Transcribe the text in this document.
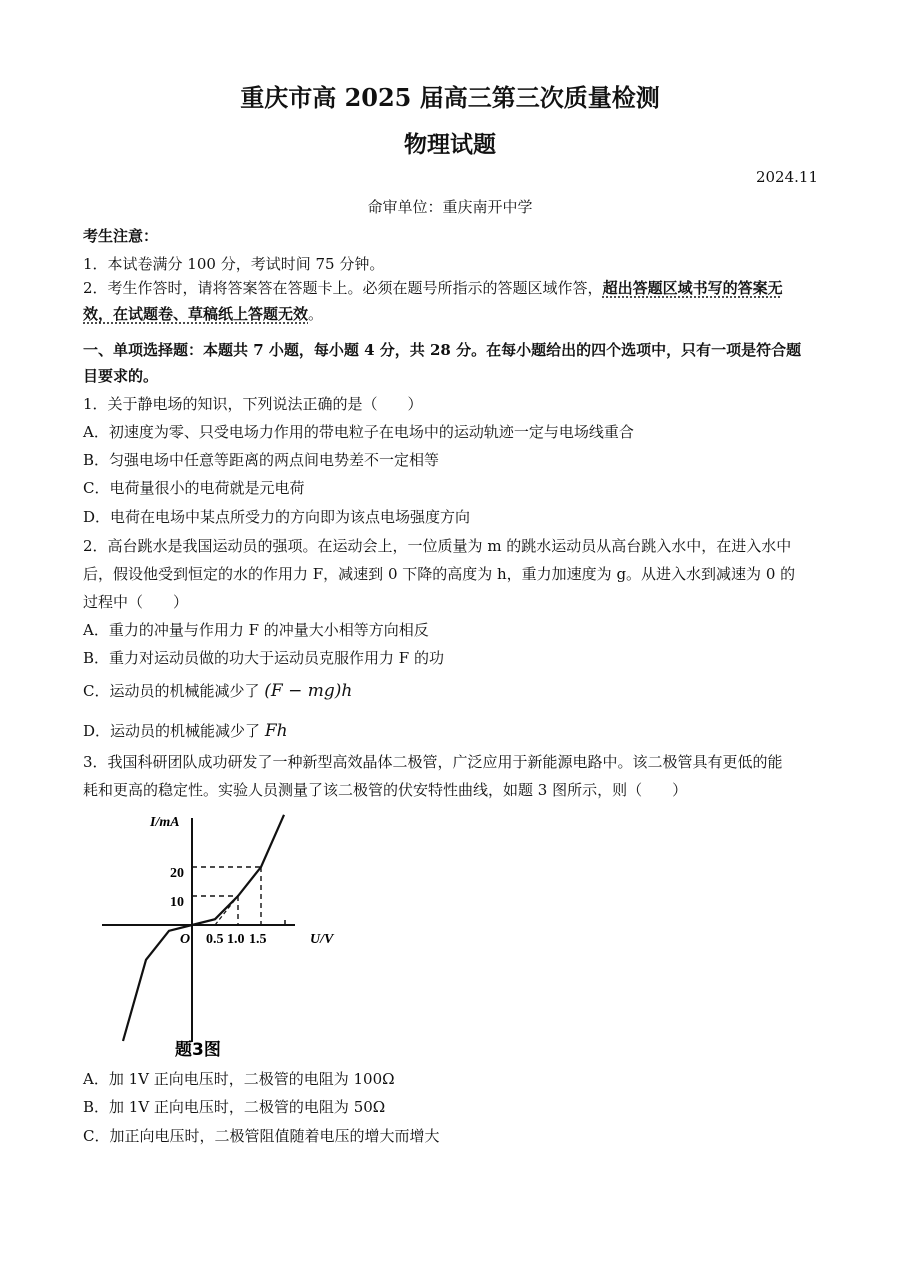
重庆市高 2025 届高三第三次质量检测
物理试题
2024.11
命审单位：重庆南开中学
考生注意：
1．本试卷满分 100 分，考试时间 75 分钟。
2．考生作答时，请将答案答在答题卡上。必须在题号所指示的答题区域作答，超出答题区域书写的答案无
效，在试题卷、草稿纸上答题无效。
一、单项选择题：本题共 7 小题，每小题 4 分，共 28 分。在每小题给出的四个选项中，只有一项是符合题
目要求的。
1．关于静电场的知识，下列说法正确的是（　　）
A．初速度为零、只受电场力作用的带电粒子在电场中的运动轨迹一定与电场线重合
B．匀强电场中任意等距离的两点间电势差不一定相等
C．电荷量很小的电荷就是元电荷
D．电荷在电场中某点所受力的方向即为该点电场强度方向
2．高台跳水是我国运动员的强项。在运动会上，一位质量为 m 的跳水运动员从高台跳入水中，在进入水中
后，假设他受到恒定的水的作用力 F，减速到 0 下降的高度为 h，重力加速度为 g。从进入水到减速为 0 的
过程中（　　）
A．重力的冲量与作用力 F 的冲量大小相等方向相反
B．重力对运动员做的功大于运动员克服作用力 F 的功
C．运动员的机械能减少了 (F − mg)h
D．运动员的机械能减少了 Fh
3．我国科研团队成功研发了一种新型高效晶体二极管，广泛应用于新能源电路中。该二极管具有更低的能
耗和更高的稳定性。实验人员测量了该二极管的伏安特性曲线，如题 3 图所示，则（　　）
I/mA
U/V
O
10
20
0.5 1.0 1.5
题3图
A．加 1V 正向电压时，二极管的电阻为 100Ω
B．加 1V 正向电压时，二极管的电阻为 50Ω
C．加正向电压时，二极管阻值随着电压的增大而增大
